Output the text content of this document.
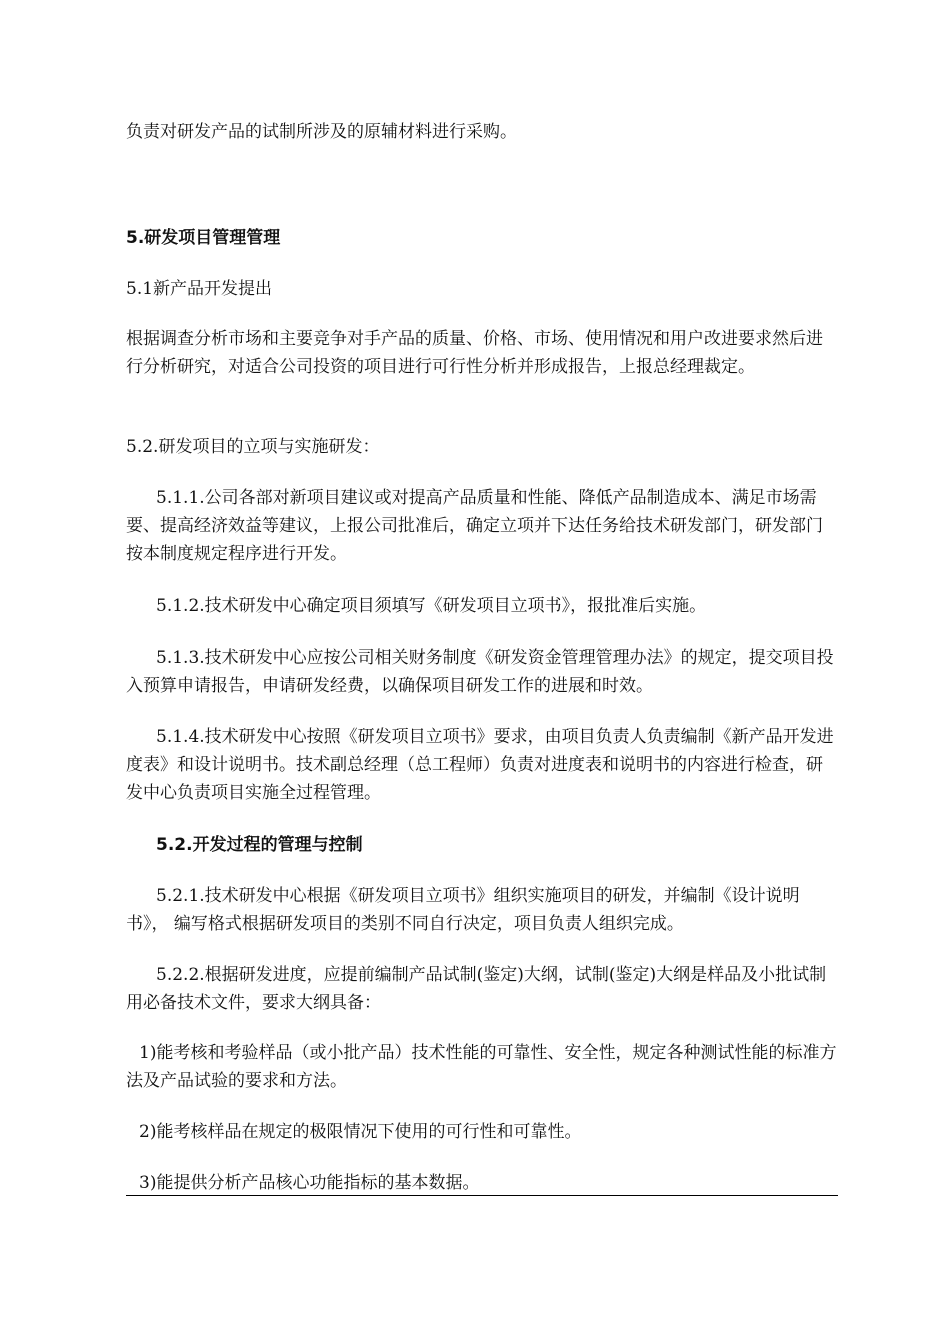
负责对研发产品的试制所涉及的原辅材料进行采购。

5.研发项目管理管理

5.1新产品开发提出

根据调查分析市场和主要竞争对手产品的质量、价格、市场、使用情况和用户改进要求然后进行分析研究，对适合公司投资的项目进行可行性分析并形成报告，上报总经理裁定。

5.2.研发项目的立项与实施研发：

5.1.1.公司各部对新项目建议或对提高产品质量和性能、降低产品制造成本、满足市场需要、提高经济效益等建议，上报公司批准后，确定立项并下达任务给技术研发部门，研发部门按本制度规定程序进行开发。

5.1.2.技术研发中心确定项目须填写《研发项目立项书》，报批准后实施。

5.1.3.技术研发中心应按公司相关财务制度《研发资金管理管理办法》的规定，提交项目投入预算申请报告，申请研发经费，以确保项目研发工作的进展和时效。

5.1.4.技术研发中心按照《研发项目立项书》要求，由项目负责人负责编制《新产品开发进度表》和设计说明书。技术副总经理（总工程师）负责对进度表和说明书的内容进行检查，研发中心负责项目实施全过程管理。

5.2.开发过程的管理与控制

5.2.1.技术研发中心根据《研发项目立项书》组织实施项目的研发，并编制《设计说明书》， 编写格式根据研发项目的类别不同自行决定，项目负责人组织完成。

5.2.2.根据研发进度，应提前编制产品试制(鉴定)大纲，试制(鉴定)大纲是样品及小批试制用必备技术文件，要求大纲具备：

1)能考核和考验样品（或小批产品）技术性能的可靠性、安全性，规定各种测试性能的标准方法及产品试验的要求和方法。

2)能考核样品在规定的极限情况下使用的可行性和可靠性。

3)能提供分析产品核心功能指标的基本数据。
